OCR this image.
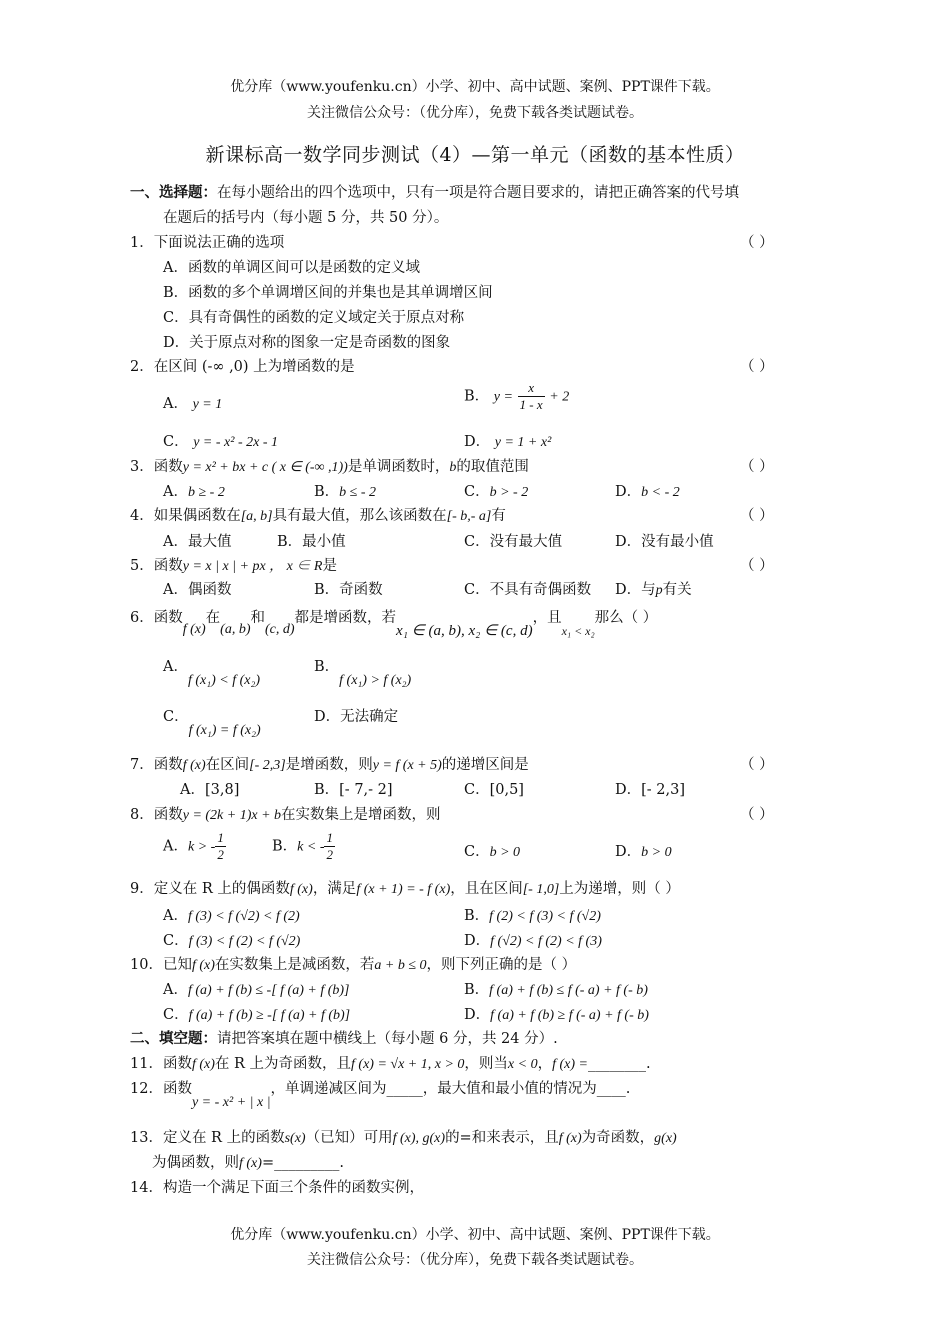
优分库（www.youfenku.cn）小学、初中、高中试题、案例、PPT课件下载。
关注微信公众号：（优分库），免费下载各类试题试卷。
新课标高一数学同步测试（4）—第一单元（函数的基本性质）
一、选择题：在每小题给出的四个选项中，只有一项是符合题目要求的，请把正确答案的代号填
在题后的括号内（每小题 5 分，共 50 分）。
1．下面说法正确的选项	（ ）
A．函数的单调区间可以是函数的定义域
B．函数的多个单调增区间的并集也是其单调增区间
C．具有奇偶性的函数的定义域定关于原点对称
D．关于原点对称的图象一定是奇函数的图象
2．在区间 (-∞ ,0) 上为增函数的是	（ ）
A． y = 1	B． $y = \frac{x}{1 - x} + 2$
C． y = - x² - 2x - 1	D． y = 1 + x²
3．函数y = x² + bx + c ( x ∈ (-∞ ,1))是单调函数时，b的取值范围	（ ）
A．b ≥ - 2	B．b ≤ - 2	C．b > - 2	D．b < - 2
4．如果偶函数在[a, b]具有最大值，那么该函数在[- b,- a]有	（ ）
A．最大值	B．最小值	C．没有最大值	D．没有最小值
5．函数y = x | x | + px ， x ∈ R是	（ ）
A．偶函数	B．奇函数	C．不具有奇偶函数 D．与p有关
6．函数f (x)在(a, b)和(c, d)都是增函数，若x₁ ∈ (a, b), x₂ ∈ (c, d)，且$_{x_1 < x_2}$那么（ ）
A．f (x₁) < f (x₂)
B．f (x₁) > f (x₂)
C．f (x₁) = f (x₂)
D．无法确定
7．函数f (x)在区间[- 2,3]是增函数，则y = f (x + 5)的递增区间是	（ ）
A．[3,8]	B．[- 7,- 2]	C．[0,5]	D．[- 2,3]
8．函数y = (2k + 1)x + b在实数集上是增函数，则	（ ）
A．k > - $\frac{1}{2}$	B．k < - $\frac{1}{2}$	C．b > 0	D．b > 0
9．定义在 R 上的偶函数f (x)，满足f (x + 1) = - f (x)，且在区间[- 1,0]上为递增，则（ ）
A．f (3) < f (√2) < f (2)	B．f (2) < f (3) < f (√2)
C．f (3) < f (2) < f (√2)	D．f (√2) < f (2) < f (3)
10．已知f (x)在实数集上是减函数，若a + b ≤ 0，则下列正确的是（ ）
A．f (a) + f (b) ≤ -[ f (a) + f (b)]	B．f (a) + f (b) ≤ f (- a) + f (- b)
C．f (a) + f (b) ≥ -[ f (a) + f (b)]	D．f (a) + f (b) ≥ f (- a) + f (- b)
二、填空题：请把答案填在题中横线上（每小题 6 分，共 24 分）.
11．函数f (x)在 R 上为奇函数，且f (x) = √x + 1, x > 0，则当x < 0，f (x) =________.
12．函数y = - x² + | x |，单调递减区间为_____，最大值和最小值的情况为____.
13．定义在 R 上的函数s(x)（已知）可用f (x), g(x)的=和来表示，且f (x)为奇函数，g(x)
为偶函数，则f (x)=_________.
14．构造一个满足下面三个条件的函数实例，
优分库（www.youfenku.cn）小学、初中、高中试题、案例、PPT课件下载。
关注微信公众号：（优分库），免费下载各类试题试卷。
